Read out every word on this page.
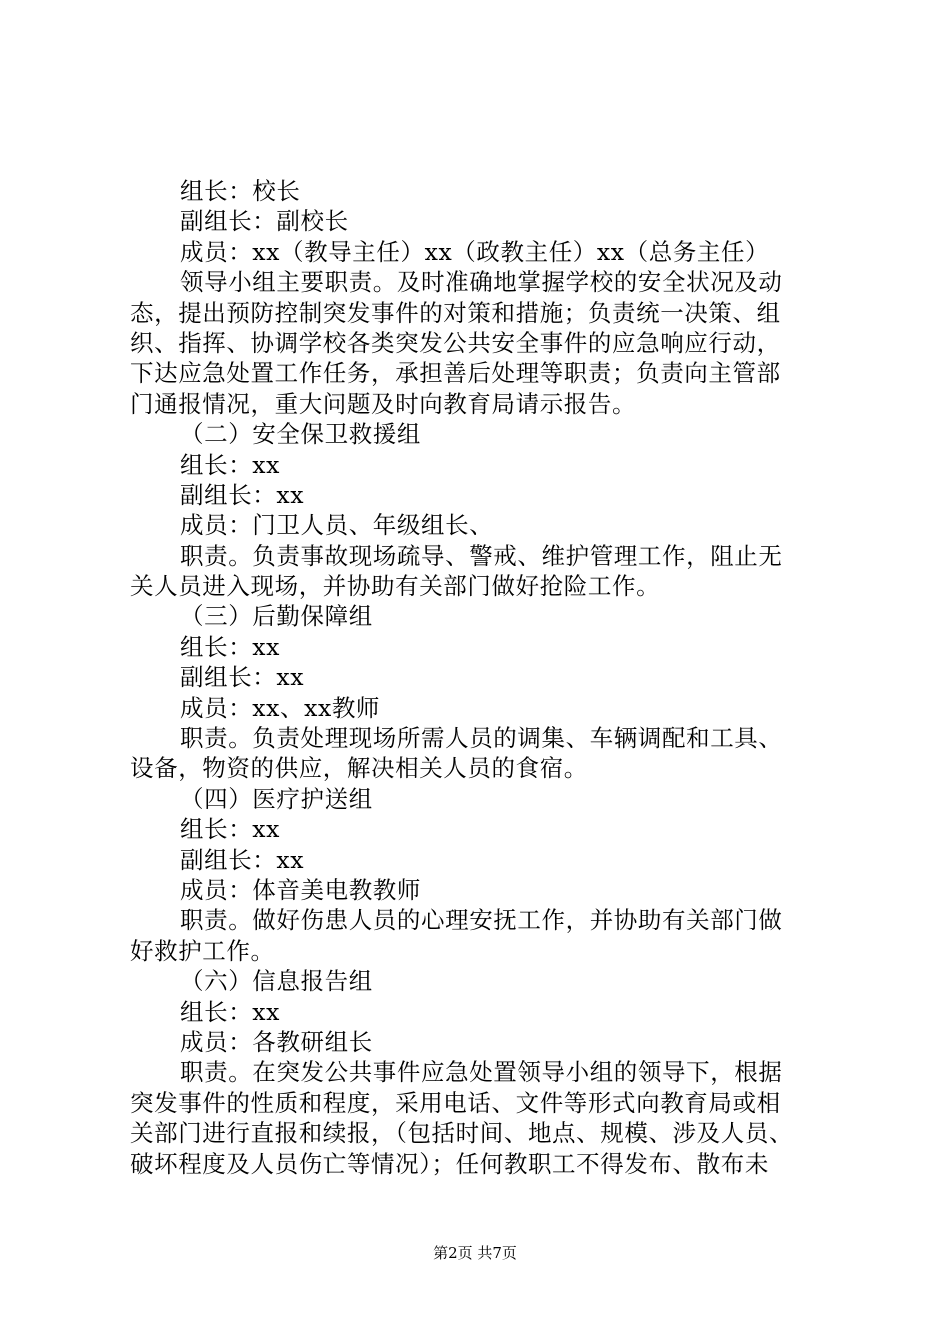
组长：校长
副组长：副校长
成员：xx（教导主任）xx（政教主任）xx（总务主任）
领导小组主要职责。及时准确地掌握学校的安全状况及动
态，提出预防控制突发事件的对策和措施；负责统一决策、组
织、指挥、协调学校各类突发公共安全事件的应急响应行动，
下达应急处置工作任务，承担善后处理等职责；负责向主管部
门通报情况，重大问题及时向教育局请示报告。
（二）安全保卫救援组
组长：xx
副组长：xx
成员：门卫人员、年级组长、
职责。负责事故现场疏导、警戒、维护管理工作，阻止无
关人员进入现场，并协助有关部门做好抢险工作。
（三）后勤保障组
组长：xx
副组长：xx
成员：xx、xx教师
职责。负责处理现场所需人员的调集、车辆调配和工具、
设备，物资的供应，解决相关人员的食宿。
（四）医疗护送组
组长：xx
副组长：xx
成员：体音美电教教师
职责。做好伤患人员的心理安抚工作，并协助有关部门做
好救护工作。
（六）信息报告组
组长：xx
成员：各教研组长
职责。在突发公共事件应急处置领导小组的领导下，根据
突发事件的性质和程度，采用电话、文件等形式向教育局或相
关部门进行直报和续报，（包括时间、地点、规模、涉及人员、
破坏程度及人员伤亡等情况）；任何教职工不得发布、散布未
第2页 共7页
